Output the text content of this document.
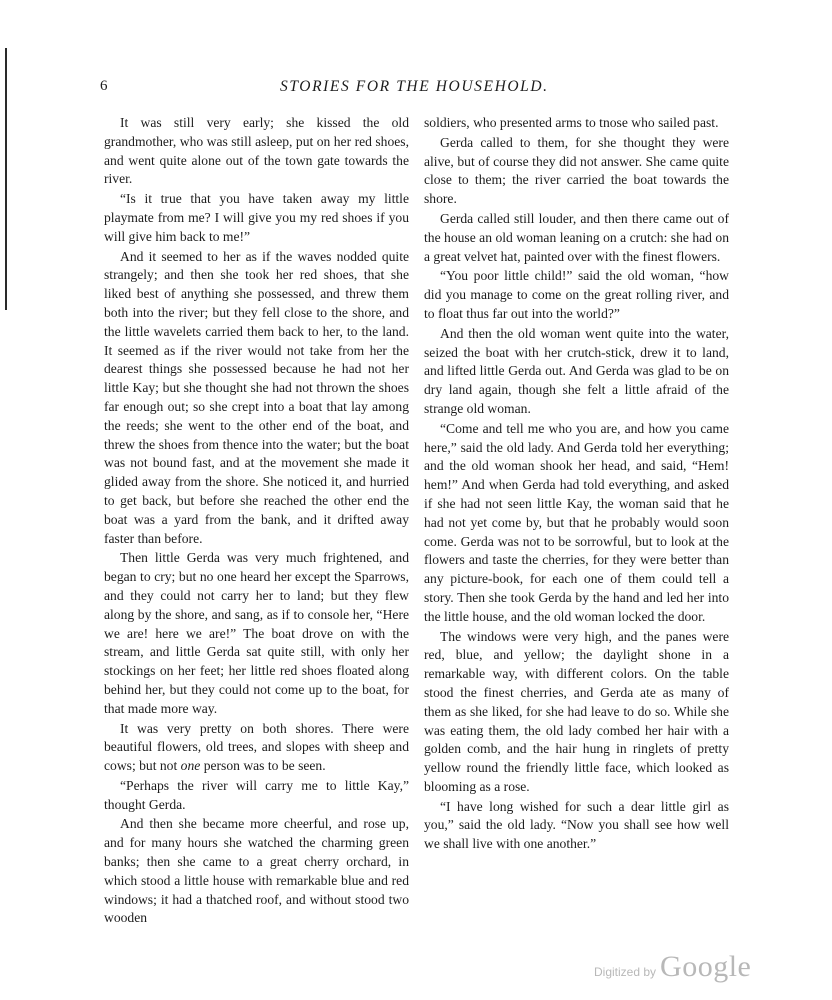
6	STORIES FOR THE HOUSEHOLD.

It was still very early; she kissed the old grandmother, who was still asleep, put on her red shoes, and went quite alone out of the town gate towards the river.

“Is it true that you have taken away my little playmate from me? I will give you my red shoes if you will give him back to me!”

And it seemed to her as if the waves nodded quite strangely; and then she took her red shoes, that she liked best of anything she possessed, and threw them both into the river; but they fell close to the shore, and the little wavelets carried them back to her, to the land. It seemed as if the river would not take from her the dearest things she possessed because he had not her little Kay; but she thought she had not thrown the shoes far enough out; so she crept into a boat that lay among the reeds; she went to the other end of the boat, and threw the shoes from thence into the water; but the boat was not bound fast, and at the movement she made it glided away from the shore. She noticed it, and hurried to get back, but before she reached the other end the boat was a yard from the bank, and it drifted away faster than before.

Then little Gerda was very much frightened, and began to cry; but no one heard her except the Sparrows, and they could not carry her to land; but they flew along by the shore, and sang, as if to console her, “Here we are! here we are!” The boat drove on with the stream, and little Gerda sat quite still, with only her stockings on her feet; her little red shoes floated along behind her, but they could not come up to the boat, for that made more way.

It was very pretty on both shores. There were beautiful flowers, old trees, and slopes with sheep and cows; but not one person was to be seen.

“Perhaps the river will carry me to little Kay,” thought Gerda.

And then she became more cheerful, and rose up, and for many hours she watched the charming green banks; then she came to a great cherry orchard, in which stood a little house with remarkable blue and red windows; it had a thatched roof, and without stood two wooden

soldiers, who presented arms to tnose who sailed past.

Gerda called to them, for she thought they were alive, but of course they did not answer. She came quite close to them; the river carried the boat towards the shore.

Gerda called still louder, and then there came out of the house an old woman leaning on a crutch: she had on a great velvet hat, painted over with the finest flowers.

“You poor little child!” said the old woman, “how did you manage to come on the great rolling river, and to float thus far out into the world?”

And then the old woman went quite into the water, seized the boat with her crutch-stick, drew it to land, and lifted little Gerda out. And Gerda was glad to be on dry land again, though she felt a little afraid of the strange old woman.

“Come and tell me who you are, and how you came here,” said the old lady. And Gerda told her everything; and the old woman shook her head, and said, “Hem! hem!” And when Gerda had told everything, and asked if she had not seen little Kay, the woman said that he had not yet come by, but that he probably would soon come. Gerda was not to be sorrowful, but to look at the flowers and taste the cherries, for they were better than any picture-book, for each one of them could tell a story. Then she took Gerda by the hand and led her into the little house, and the old woman locked the door.

The windows were very high, and the panes were red, blue, and yellow; the daylight shone in a remarkable way, with different colors. On the table stood the finest cherries, and Gerda ate as many of them as she liked, for she had leave to do so. While she was eating them, the old lady combed her hair with a golden comb, and the hair hung in ringlets of pretty yellow round the friendly little face, which looked as blooming as a rose.

“I have long wished for such a dear little girl as you,” said the old lady. “Now you shall see how well we shall live with one another.”

Digitized by Google
